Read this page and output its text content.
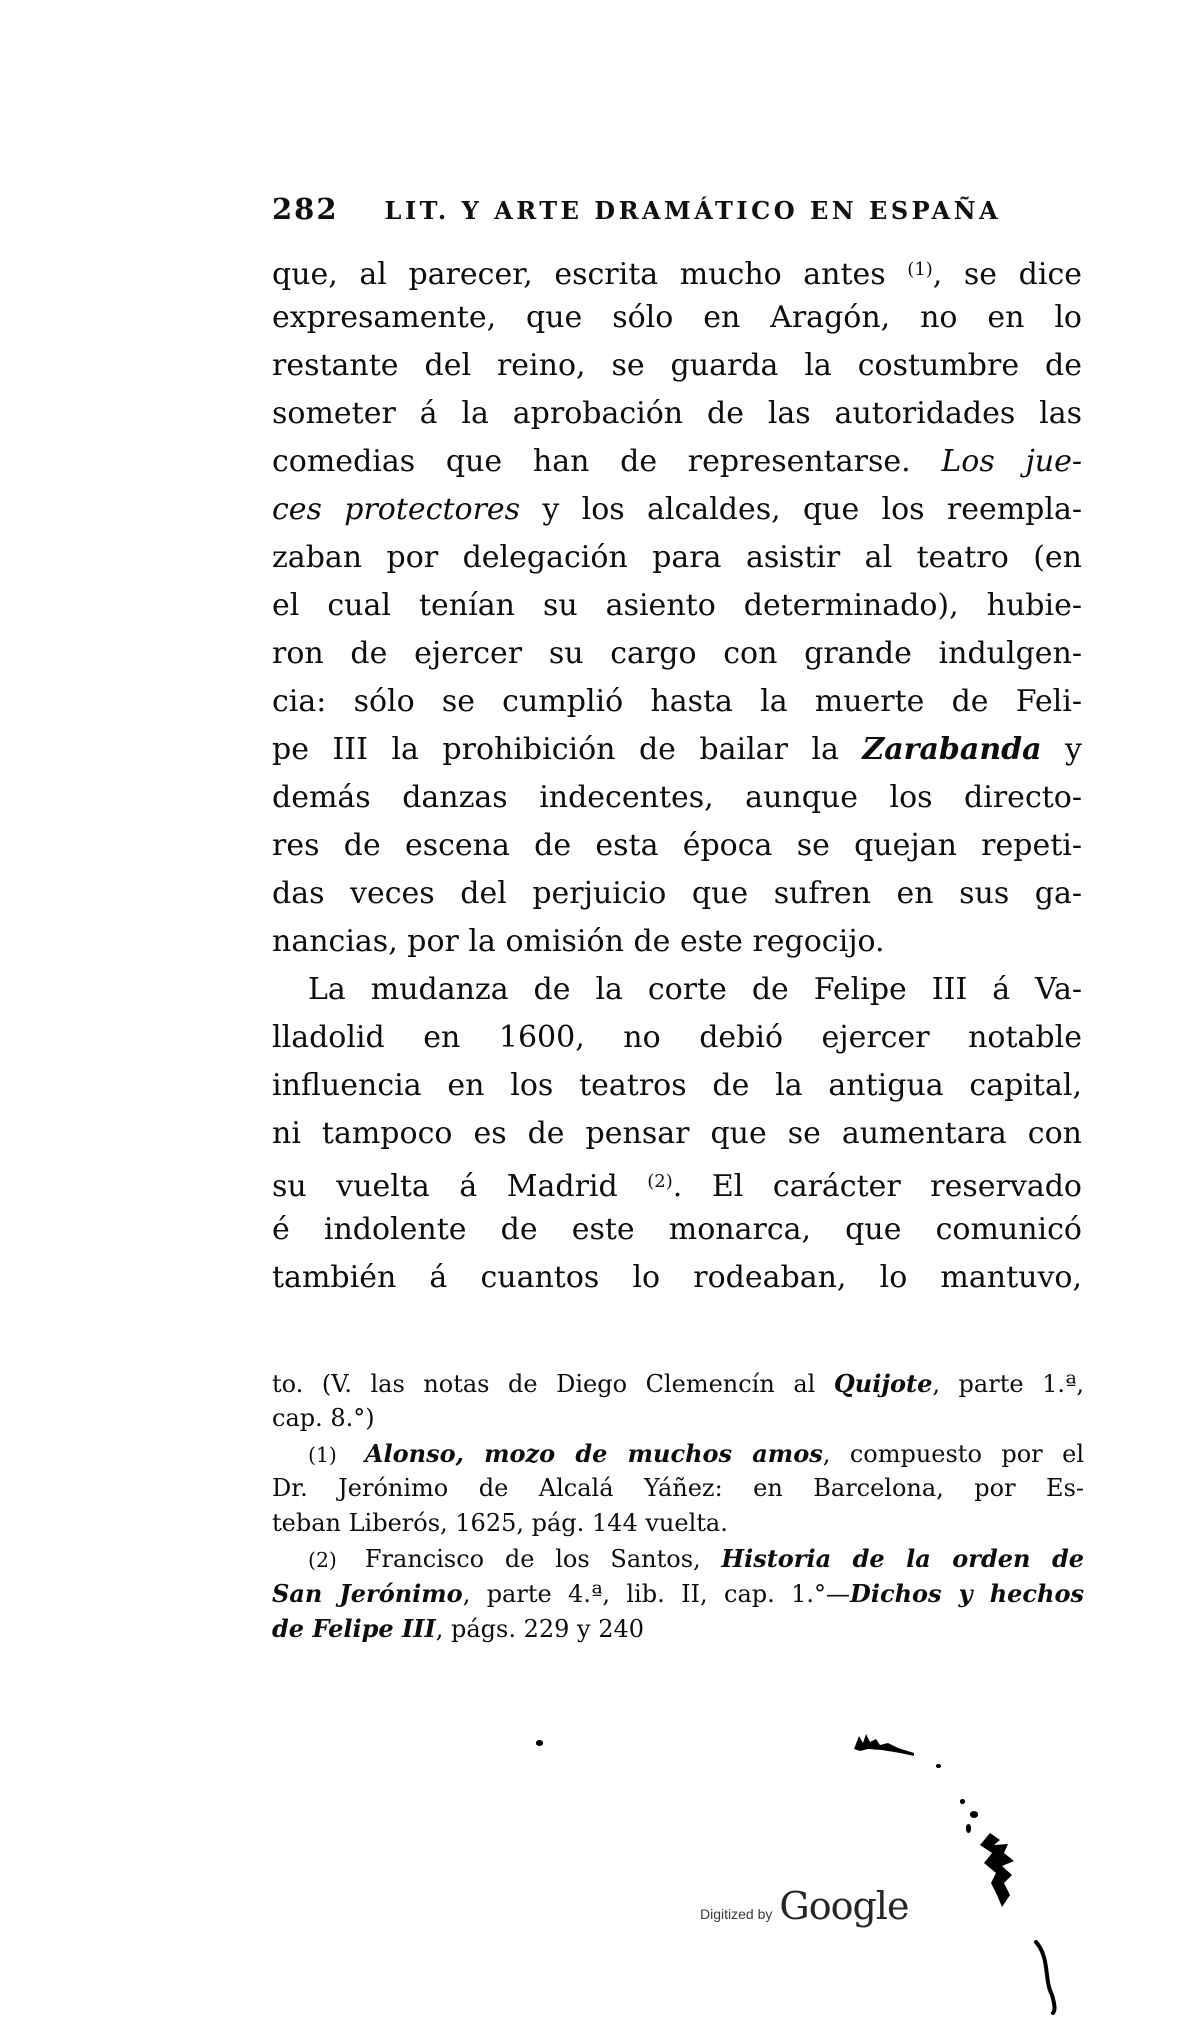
282 LIT. Y ARTE DRAMÁTICO EN ESPAÑA
que, al parecer, escrita mucho antes $^{(1)}$, se dice
expresamente, que sólo en Aragón, no en lo
restante del reino, se guarda la costumbre de
someter á la aprobación de las autoridades las
comedias que han de representarse. Los jue-
ces protectores y los alcaldes, que los reempla-
zaban por delegación para asistir al teatro (en
el cual tenían su asiento determinado), hubie-
ron de ejercer su cargo con grande indulgen-
cia: sólo se cumplió hasta la muerte de Feli-
pe III la prohibición de bailar la Zarabanda y
demás danzas indecentes, aunque los directo-
res de escena de esta época se quejan repeti-
das veces del perjuicio que sufren en sus ga-
nancias, por la omisión de este regocijo.
La mudanza de la corte de Felipe III á Va-
lladolid en 1600, no debió ejercer notable
influencia en los teatros de la antigua capital,
ni tampoco es de pensar que se aumentara con
su vuelta á Madrid $^{(2)}$. El carácter reservado
é indolente de este monarca, que comunicó
también á cuantos lo rodeaban, lo mantuvo,
to. (V. las notas de Diego Clemencín al Quijote, parte 1.ª,
cap. 8.°)
(1) Alonso, mozo de muchos amos, compuesto por el
Dr. Jerónimo de Alcalá Yáñez: en Barcelona, por Es-
teban Liberós, 1625, pág. 144 vuelta.
(2) Francisco de los Santos, Historia de la orden de
San Jerónimo, parte 4.ª, lib. II, cap. 1.°—Dichos y hechos
de Felipe III, págs. 229 y 240
Digitized by Google
